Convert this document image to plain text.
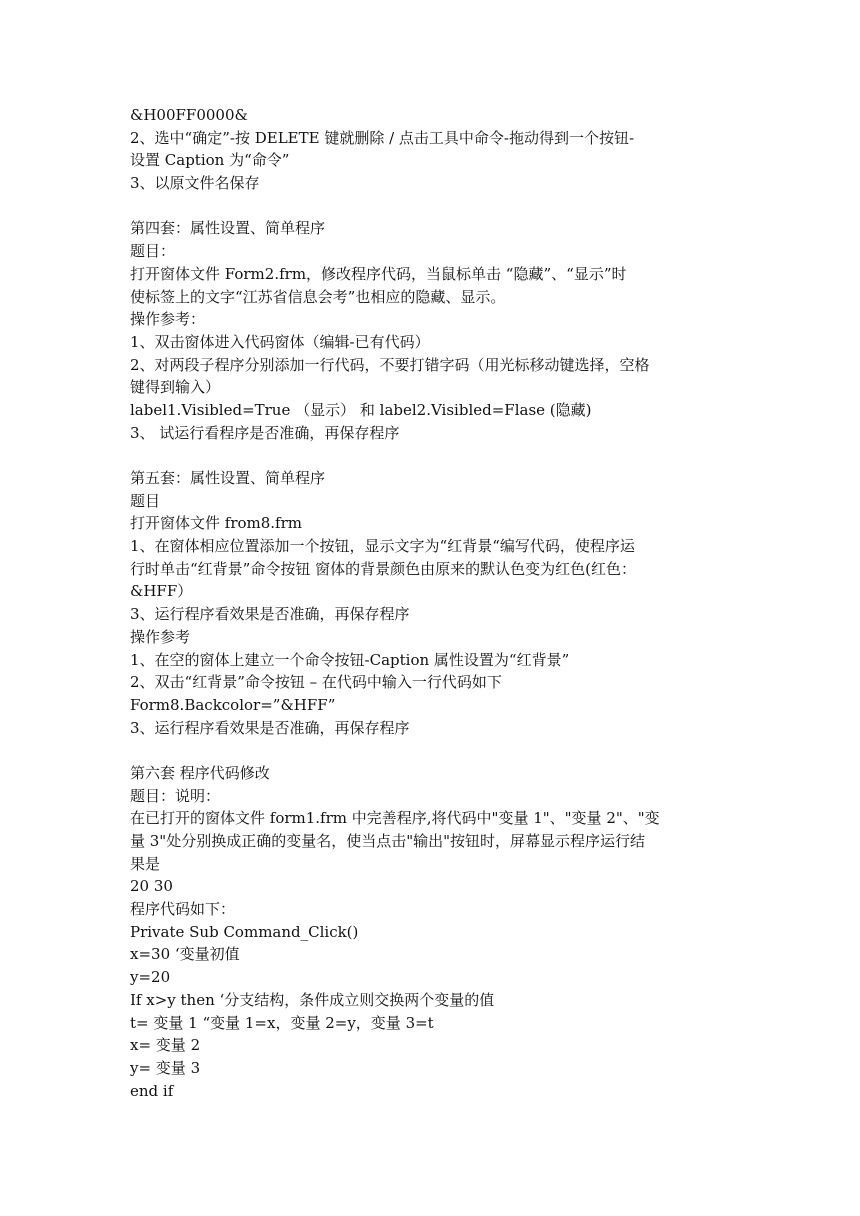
&H00FF0000&
2、选中“确定”-按 DELETE 键就删除 / 点击工具中命令-拖动得到一个按钮-
设置 Caption 为“命令”
3、以原文件名保存
第四套：属性设置、简单程序
题目：
打开窗体文件 Form2.frm，修改程序代码，当鼠标单击 “隐藏”、“显示”时
使标签上的文字“江苏省信息会考”也相应的隐藏、显示。
操作参考：
1、双击窗体进入代码窗体（编辑-已有代码）
2、对两段子程序分别添加一行代码，不要打错字码（用光标移动键选择，空格
键得到输入）
label1.Visibled=True （显示） 和 label2.Visibled=Flase (隐藏)
3、 试运行看程序是否准确，再保存程序
第五套：属性设置、简单程序
题目
打开窗体文件 from8.frm
1、在窗体相应位置添加一个按钮，显示文字为“红背景“编写代码，使程序运
行时单击“红背景”命令按钮 窗体的背景颜色由原来的默认色变为红色(红色：
&HFF）
3、运行程序看效果是否准确，再保存程序
操作参考
1、在空的窗体上建立一个命令按钮-Caption 属性设置为“红背景”
2、双击“红背景”命令按钮 – 在代码中输入一行代码如下
Form8.Backcolor=”&HFF”
3、运行程序看效果是否准确，再保存程序
第六套 程序代码修改
题目：说明：
在已打开的窗体文件 form1.frm 中完善程序,将代码中"变量 1"、"变量 2"、"变
量 3"处分别换成正确的变量名，使当点击"输出"按钮时，屏幕显示程序运行结
果是
20 30
程序代码如下：
Private Sub Command_Click()
x=30 ‘变量初值
y=20
If x>y then ‘分支结构，条件成立则交换两个变量的值
t= 变量 1 “变量 1=x，变量 2=y，变量 3=t
x= 变量 2
y= 变量 3
end if
